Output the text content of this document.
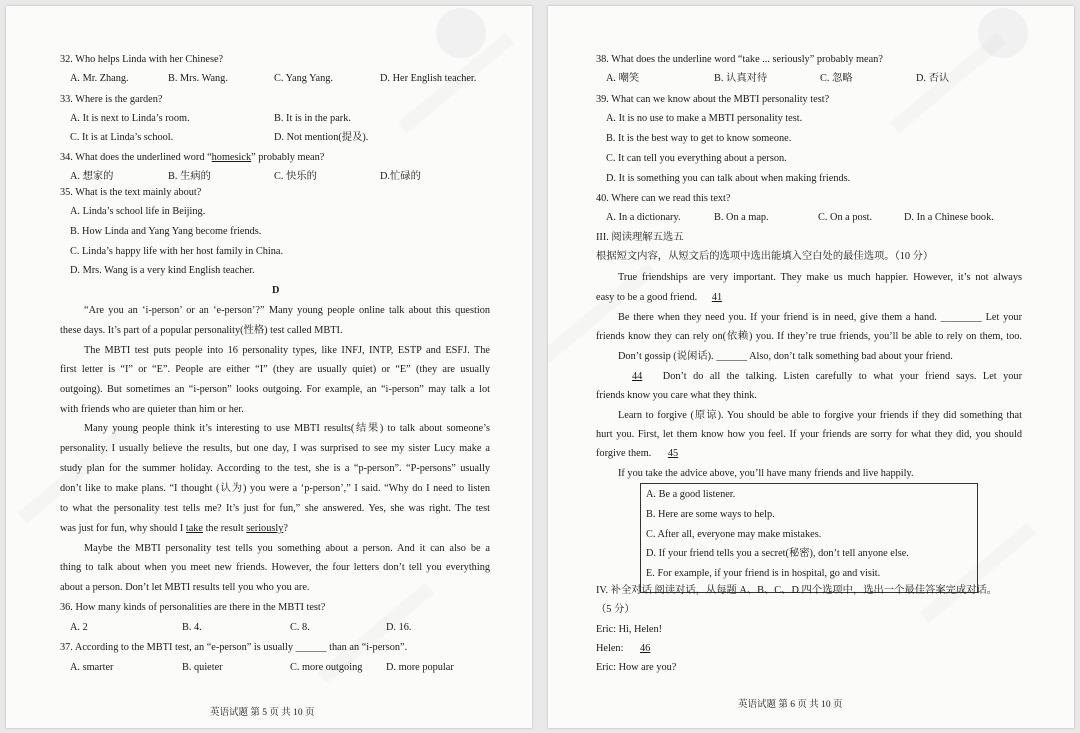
32. Who helps Linda with her Chinese?
A. Mr. Zhang.	B. Mrs. Wang.	C. Yang Yang.	D. Her English teacher.
33. Where is the garden?
A. It is next to Linda’s room.	B. It is in the park.
C. It is at Linda’s school.	D. Not mention(提及).
34. What does the underlined word “homesick” probably mean?
A. 想家的	B. 生病的	C. 快乐的	D.忙碌的
35. What is the text mainly about?
A. Linda’s school life in Beijing.
B. How Linda and Yang Yang become friends.
C. Linda’s happy life with her host family in China.
D. Mrs. Wang is a very kind English teacher.
D
“Are you an ‘i-person’ or an ‘e-person’?” Many young people online talk about this question
these days. It’s part of a popular personality(性格) test called MBTI.
The MBTI test puts people into 16 personality types, like INFJ, INTP, ESTP and ESFJ. The
first letter is “I” or “E”. People are either “I” (they are usually quiet) or “E” (they are usually
outgoing). But sometimes an “i-person” looks outgoing. For example, an “i-person” may talk a lot
with friends who are quieter than him or her.
Many young people think it’s interesting to use MBTI results(结果) to talk about someone’s
personality. I usually believe the results, but one day, I was surprised to see my sister Lucy make a
study plan for the summer holiday. According to the test, she is a “p-person”. “P-persons” usually
don’t like to make plans. “I thought (认为) you were a ‘p-person’,” I said. “Why do I need to listen
to what the personality test tells me? It’s just for fun,” she answered. Yes, she was right. The test
was just for fun, why should I take the result seriously?
Maybe the MBTI personality test tells you something about a person. And it can also be a
thing to talk about when you meet new friends. However, the four letters don’t tell you everything
about a person. Don’t let MBTI results tell you who you are.
36. How many kinds of personalities are there in the MBTI test?
A. 2	B. 4.	C. 8.	D. 16.
37. According to the MBTI test, an “e-person” is usually ______ than an “i-person”.
A. smarter	B. quieter	C. more outgoing D. more popular
英语试题 第 5 页 共 10 页
38. What does the underline word “take ... seriously” probably mean?
A. 嘲笑	B. 认真对待	C. 忽略	D. 否认
39. What can we know about the MBTI personality test?
A. It is no use to make a MBTI personality test.
B. It is the best way to get to know someone.
C. It can tell you everything about a person.
D. It is something you can talk about when making friends.
40. Where can we read this text?
A. In a dictionary.	B. On a map.	C. On a post.	D. In a Chinese book.
III. 阅读理解五选五
根据短文内容，从短文后的选项中选出能填入空白处的最佳选项。（10 分）
True friendships are very important. They make us much happier. However, it’s not always
easy to be a good friend. 41
Be there when they need you. If your friend is in need, give them a hand. ________ Let your
friends know they can rely on(依赖) you. If they’re true friends, you’ll be able to rely on them, too.
Don’t gossip (说闲话). ______ Also, don’t talk something bad about your friend.
44 Don’t do all the talking. Listen carefully to what your friend says. Let your
friends know you care what they think.
Learn to forgive (原谅). You should be able to forgive your friends if they did something that
hurt you. First, let them know how you feel. If your friends are sorry for what they did, you should
forgive them. 45
If you take the advice above, you’ll have many friends and live happily.
A. Be a good listener.
B. Here are some ways to help.
C. After all, everyone may make mistakes.
D. If your friend tells you a secret(秘密), don’t tell anyone else.
E. For example, if your friend is in hospital, go and visit.
IV. 补全对话 阅读对话，从每题 A、B、C、D 四个选项中，选出一个最佳答案完成对话。
（5 分）
Eric: Hi, Helen!
Helen: 46
Eric: How are you?
英语试题 第 6 页 共 10 页
